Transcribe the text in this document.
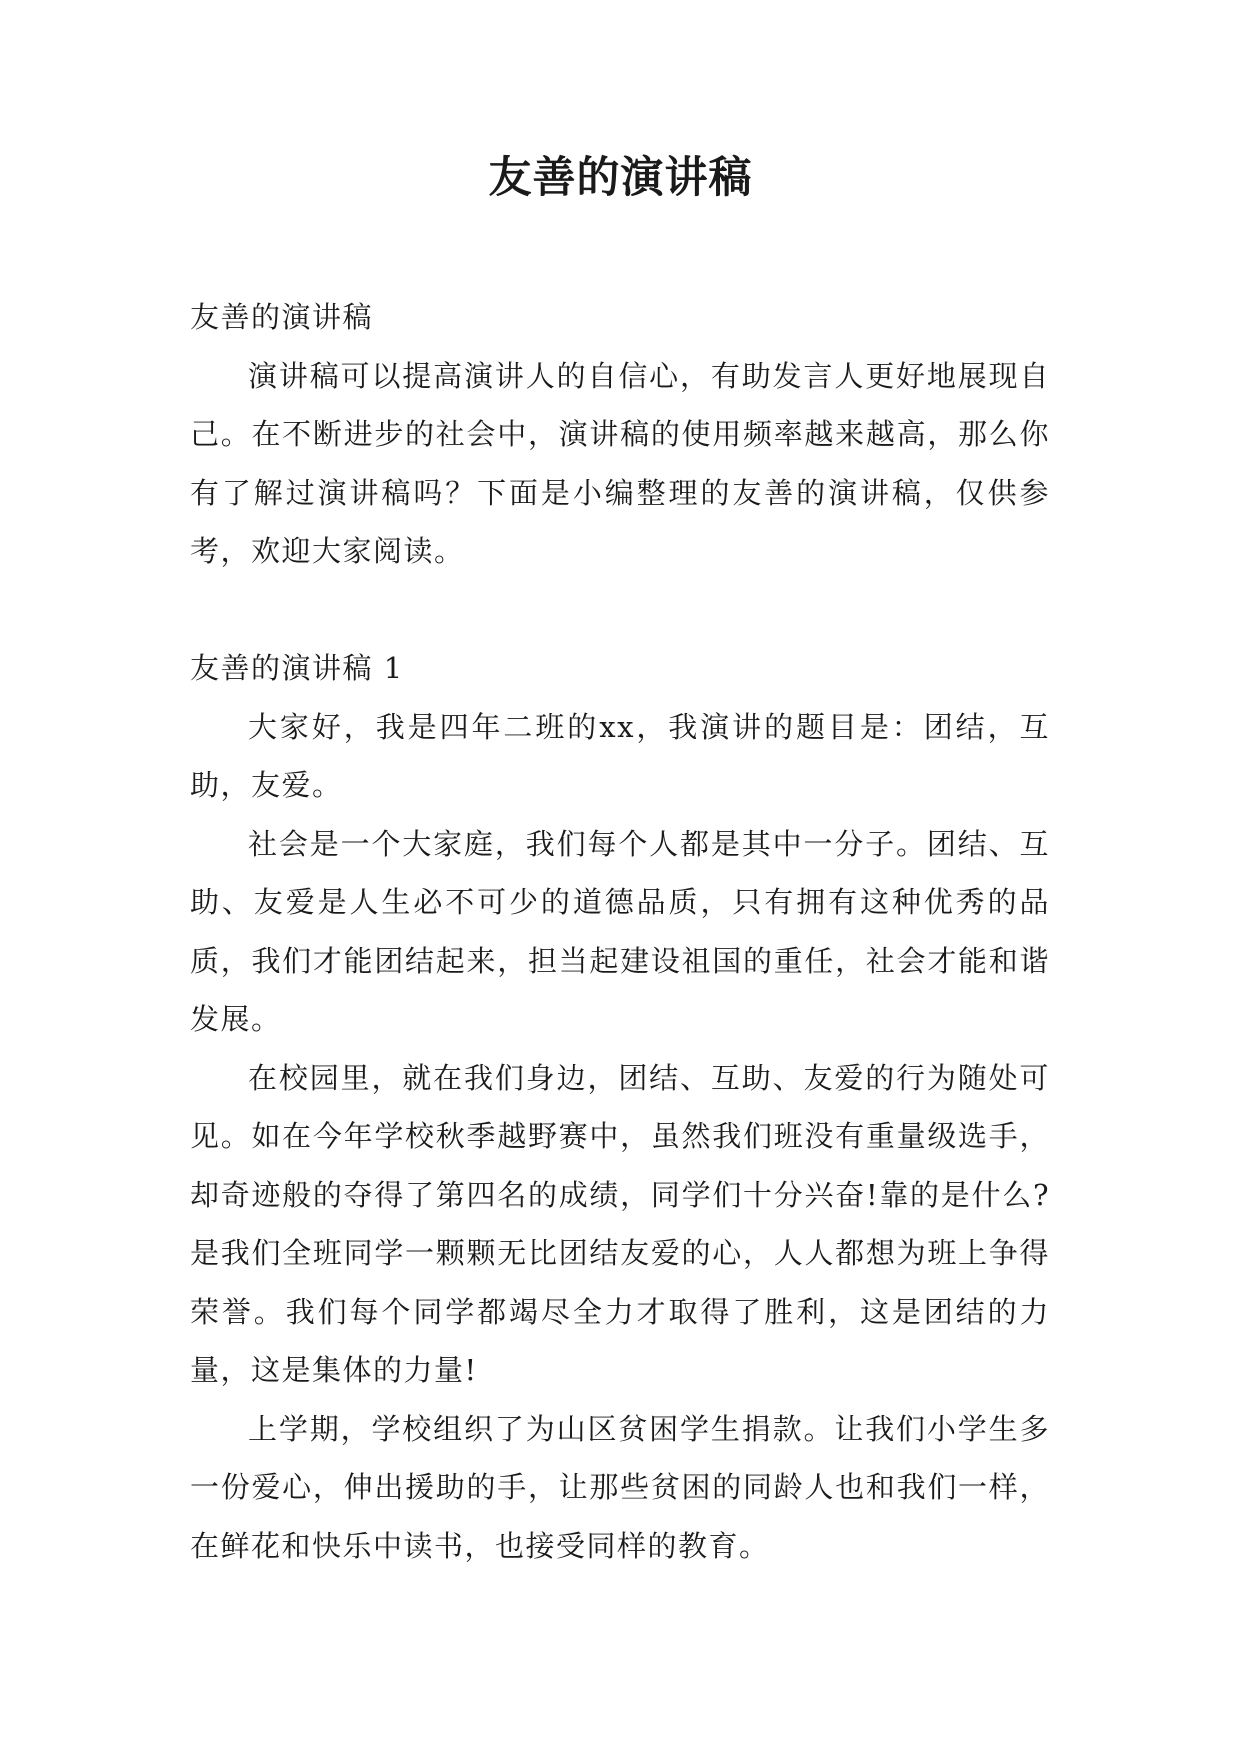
友善的演讲稿

友善的演讲稿

演讲稿可以提高演讲人的自信心，有助发言人更好地展现自己。在不断进步的社会中，演讲稿的使用频率越来越高，那么你有了解过演讲稿吗？下面是小编整理的友善的演讲稿，仅供参考，欢迎大家阅读。

友善的演讲稿 1

大家好，我是四年二班的xx，我演讲的题目是：团结，互助，友爱。

社会是一个大家庭，我们每个人都是其中一分子。团结、互助、友爱是人生必不可少的道德品质，只有拥有这种优秀的品质，我们才能团结起来，担当起建设祖国的重任，社会才能和谐发展。

在校园里，就在我们身边，团结、互助、友爱的行为随处可见。如在今年学校秋季越野赛中，虽然我们班没有重量级选手，却奇迹般的夺得了第四名的成绩，同学们十分兴奋!靠的是什么?是我们全班同学一颗颗无比团结友爱的心，人人都想为班上争得荣誉。我们每个同学都竭尽全力才取得了胜利，这是团结的力量，这是集体的力量!

上学期，学校组织了为山区贫困学生捐款。让我们小学生多一份爱心，伸出援助的手，让那些贫困的同龄人也和我们一样，在鲜花和快乐中读书，也接受同样的教育。
